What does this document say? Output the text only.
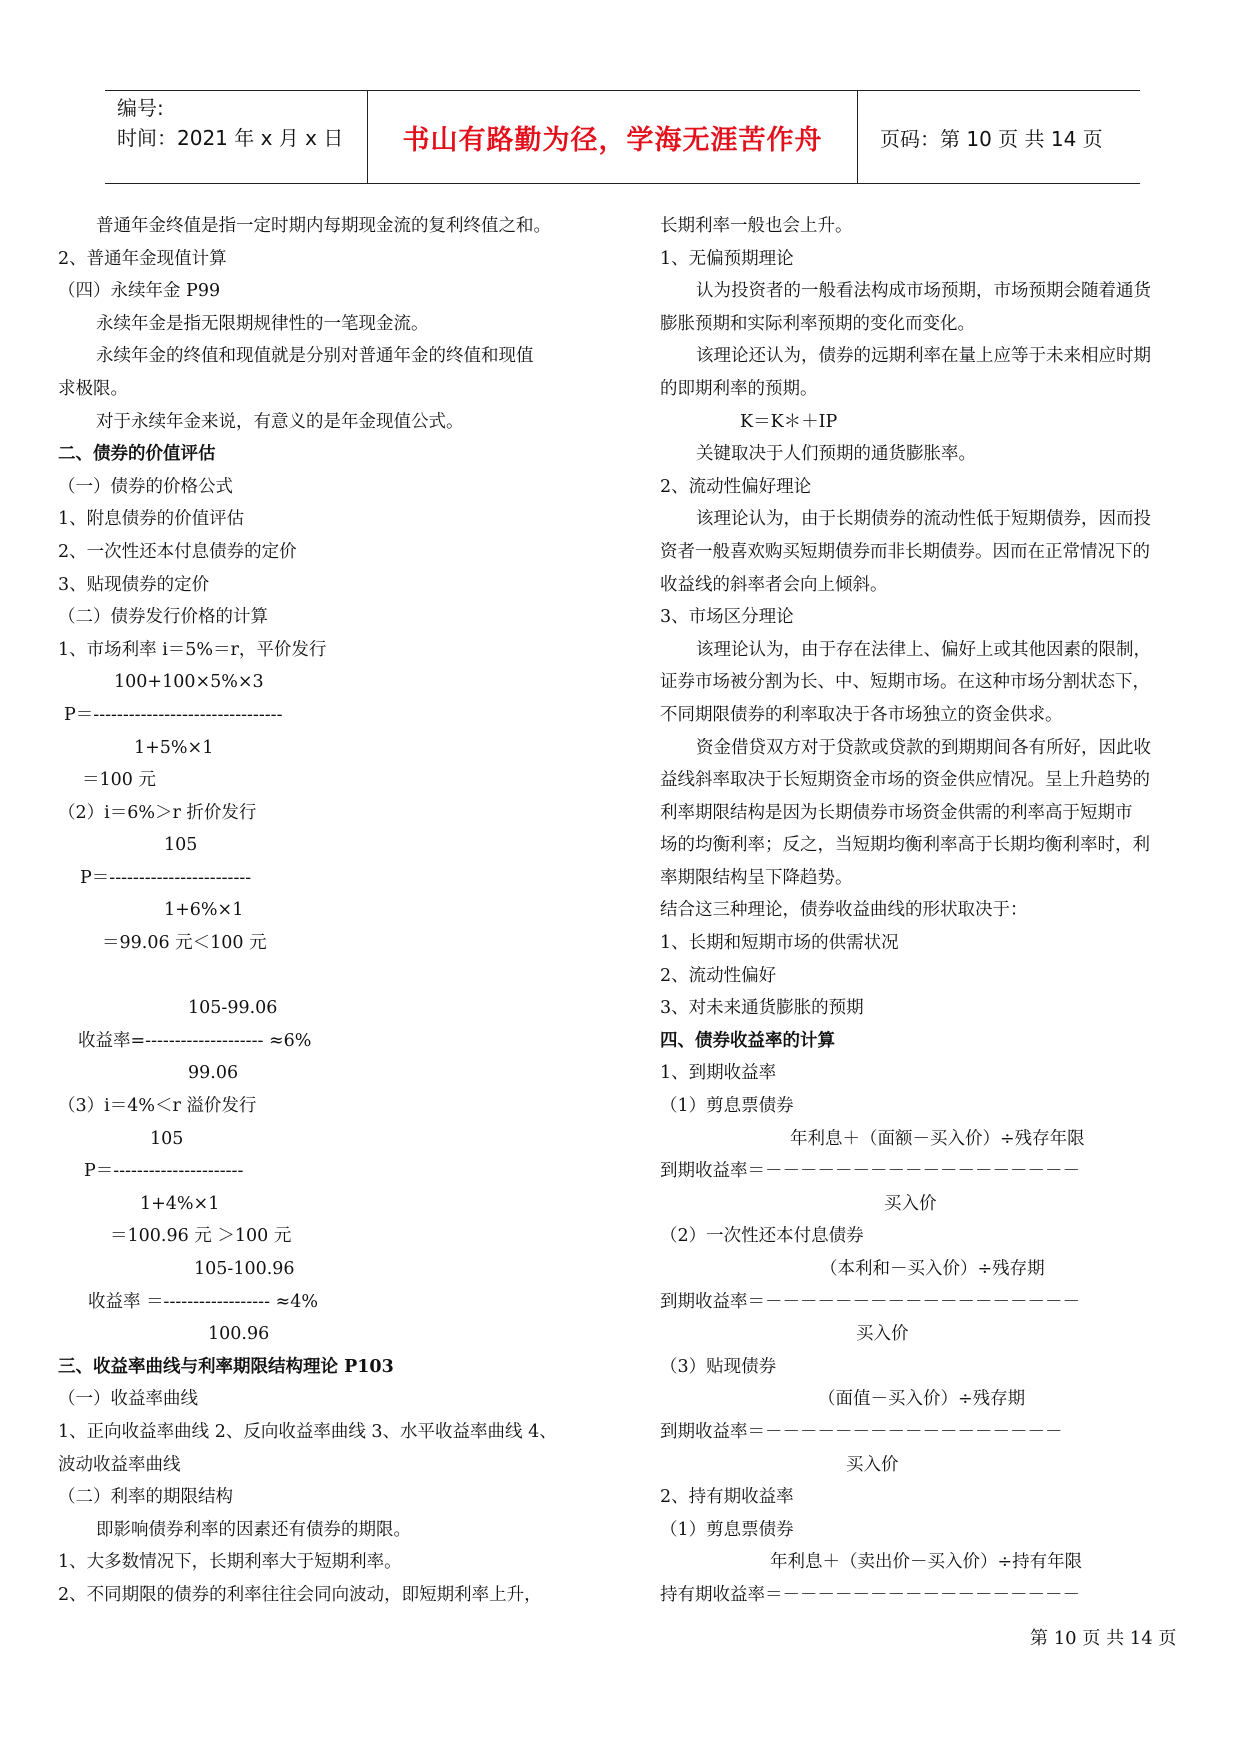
编号:
时间：2021 年 x 月 x 日	书山有路勤为径，学海无涯苦作舟	页码：第 10 页 共 14 页
普通年金终值是指一定时期内每期现金流的复利终值之和。
2、普通年金现值计算
（四）永续年金 P99
永续年金是指无限期规律性的一笔现金流。
永续年金的终值和现值就是分别对普通年金的终值和现值
求极限。
对于永续年金来说，有意义的是年金现值公式。
二、债券的价值评估
（一）债券的价格公式
1、附息债券的价值评估
2、一次性还本付息债券的定价
3、贴现债券的定价
（二）债券发行价格的计算
1、市场利率 i＝5%＝r，平价发行
100+100×5%×3
P＝--------------------------------
1+5%×1
＝100 元
（2）i＝6%＞r 折价发行
105
P＝------------------------
1+6%×1
＝99.06 元＜100 元
105-99.06
收益率=-------------------- ≈6%
99.06
（3）i＝4%＜r 溢价发行
105
P＝----------------------
1+4%×1
＝100.96 元 ＞100 元
105-100.96
收益率 ＝------------------ ≈4%
100.96
三、收益率曲线与利率期限结构理论 P103
（一）收益率曲线
1、正向收益率曲线 2、反向收益率曲线 3、水平收益率曲线 4、
波动收益率曲线
（二）利率的期限结构
即影响债券利率的因素还有债券的期限。
1、大多数情况下，长期利率大于短期利率。
2、不同期限的债券的利率往往会同向波动，即短期利率上升，
长期利率一般也会上升。
1、无偏预期理论
认为投资者的一般看法构成市场预期，市场预期会随着通货
膨胀预期和实际利率预期的变化而变化。
该理论还认为，债券的远期利率在量上应等于未来相应时期
的即期利率的预期。
K＝K＊＋IP
关键取决于人们预期的通货膨胀率。
2、流动性偏好理论
该理论认为，由于长期债券的流动性低于短期债券，因而投
资者一般喜欢购买短期债券而非长期债券。因而在正常情况下的
收益线的斜率者会向上倾斜。
3、市场区分理论
该理论认为，由于存在法律上、偏好上或其他因素的限制，
证券市场被分割为长、中、短期市场。在这种市场分割状态下，
不同期限债券的利率取决于各市场独立的资金供求。
资金借贷双方对于贷款或贷款的到期期间各有所好，因此收
益线斜率取决于长短期资金市场的资金供应情况。呈上升趋势的
利率期限结构是因为长期债券市场资金供需的利率高于短期市
场的均衡利率；反之，当短期均衡利率高于长期均衡利率时，利
率期限结构呈下降趋势。
结合这三种理论，债券收益曲线的形状取决于：
1、长期和短期市场的供需状况
2、流动性偏好
3、对未来通货膨胀的预期
四、债券收益率的计算
1、到期收益率
（1）剪息票债券
年利息＋（面额－买入价）÷残存年限
到期收益率＝－－－－－－－－－－－－－－－－－－
买入价
（2）一次性还本付息债券
（本利和－买入价）÷残存期
到期收益率＝－－－－－－－－－－－－－－－－－－
买入价
（3）贴现债券
（面值－买入价）÷残存期
到期收益率＝－－－－－－－－－－－－－－－－－
买入价
2、持有期收益率
（1）剪息票债券
年利息＋（卖出价－买入价）÷持有年限
持有期收益率＝－－－－－－－－－－－－－－－－－
第 10 页 共 14 页
